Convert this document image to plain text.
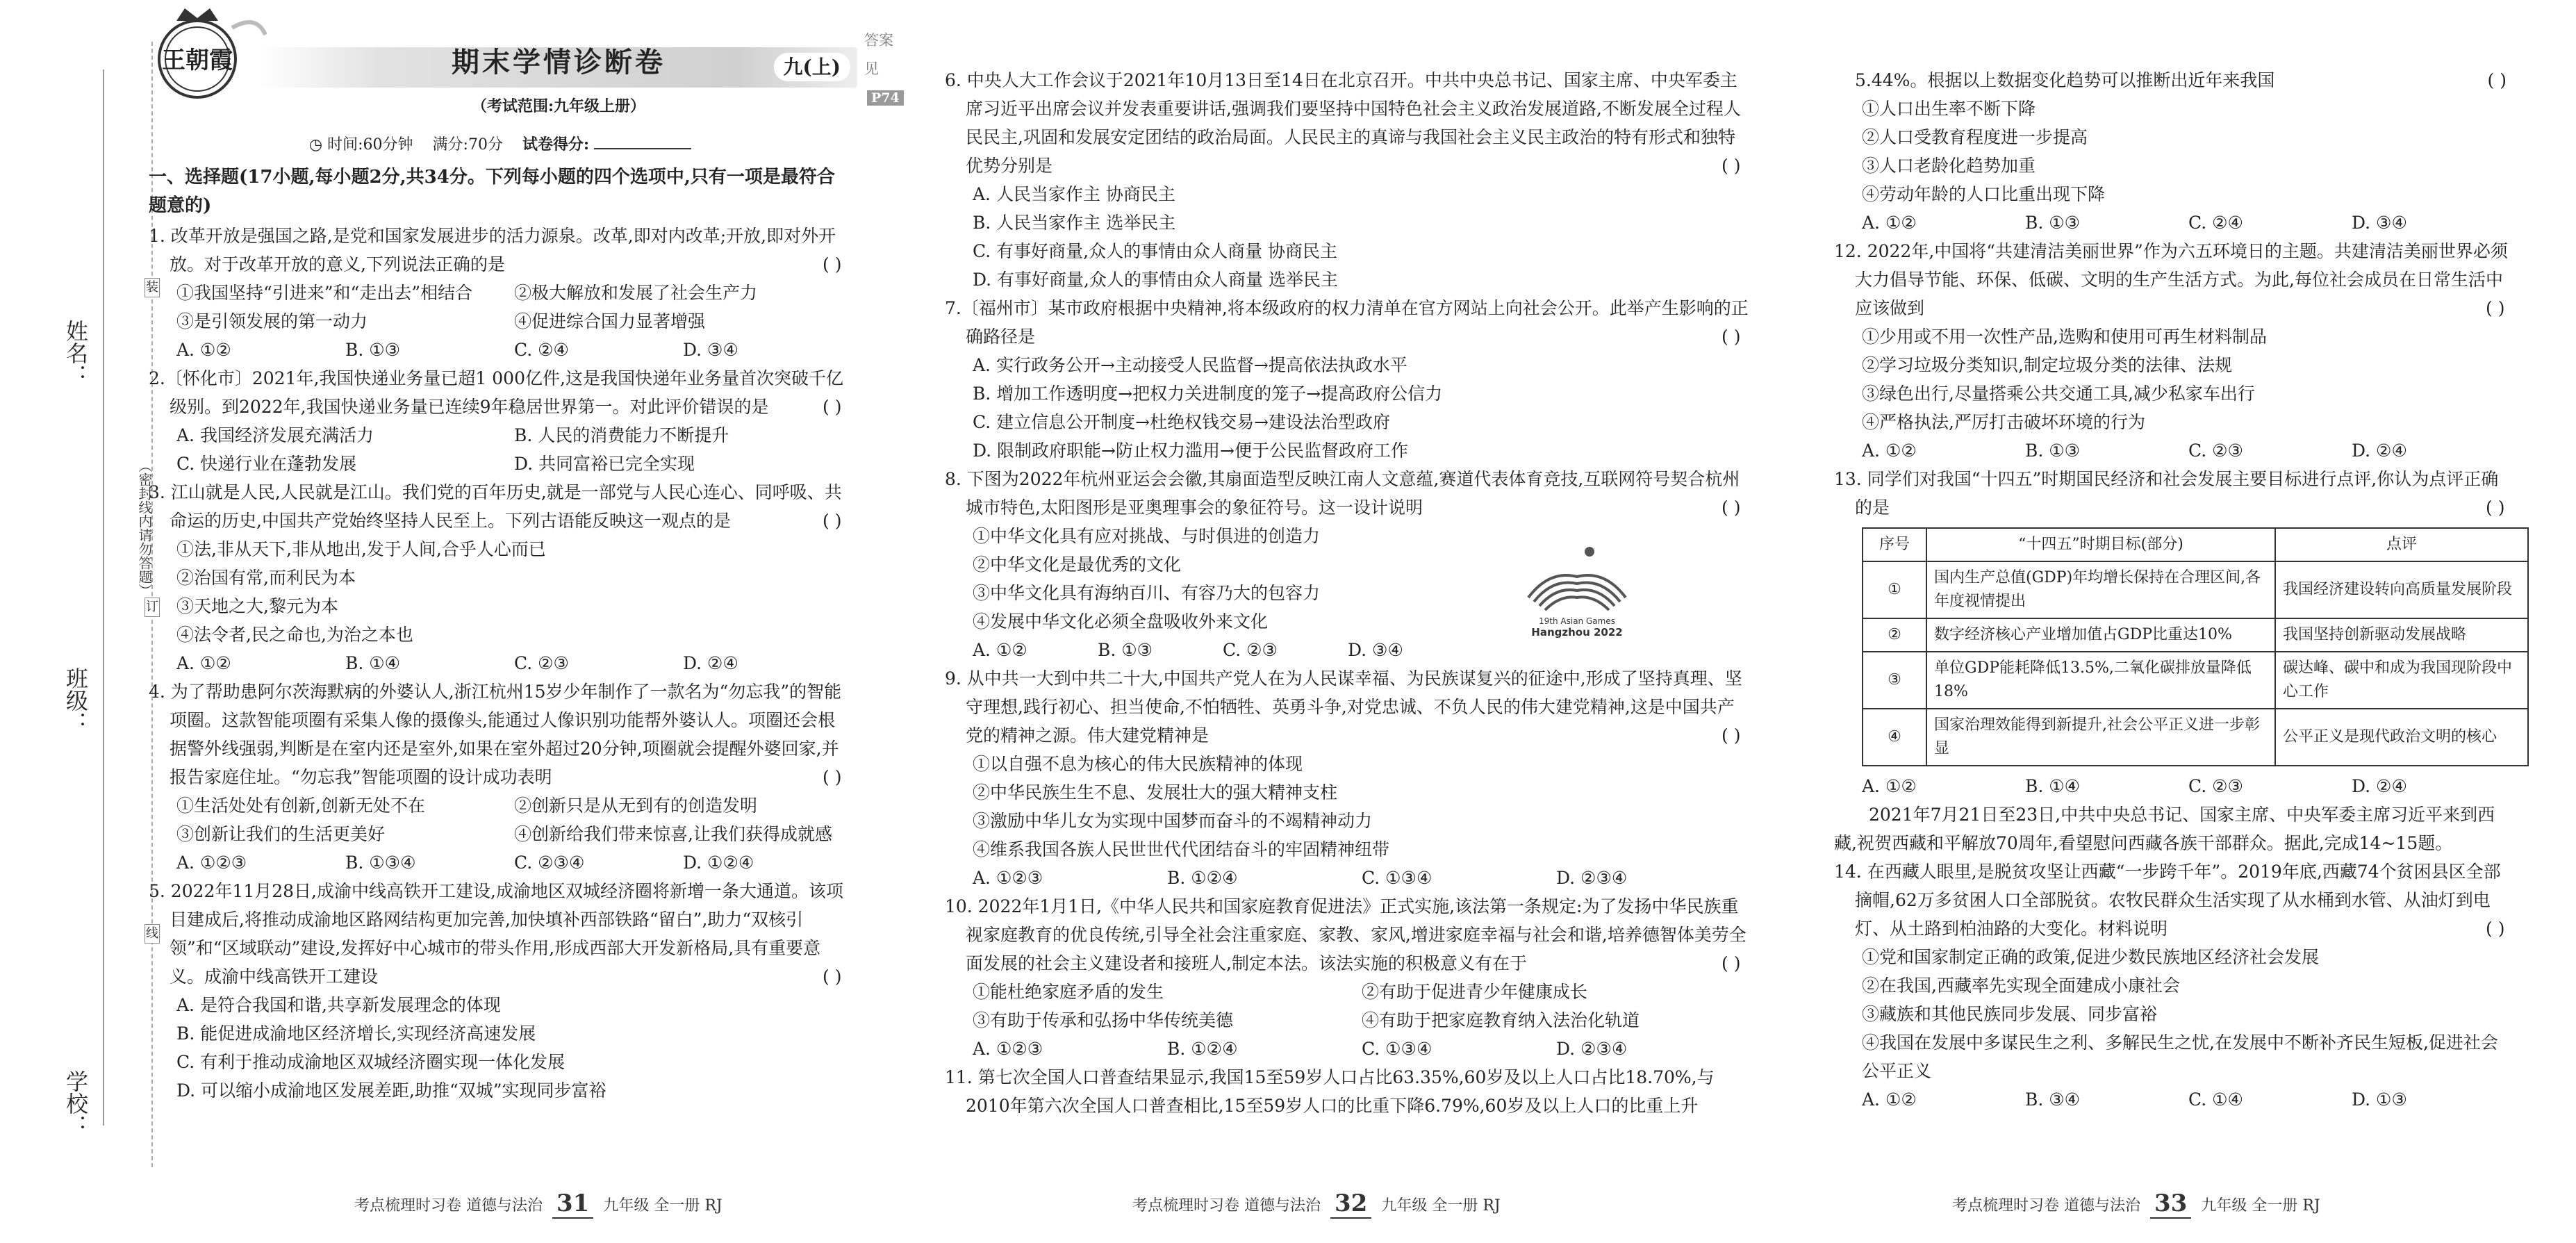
姓名：
班级：
学校：
（密封线内请勿答题）
装
订
线
王朝霞
答案见P74
期末学情诊断卷	九(上)
（考试范围:九年级上册）
◷ 时间:60分钟 满分:70分 试卷得分:
一、选择题(17小题,每小题2分,共34分。下列每小题的四个选项中,只有一项是最符合题意的)

1. 改革开放是强国之路,是党和国家发展进步的活力源泉。改革,即对内改革;开放,即对外开放。对于改革开放的意义,下列说法正确的是	( )

①我国坚持“引进来”和“走出去”相结合	②极大解放和发展了社会生产力
③是引领发展的第一动力	④促进综合国力显著增强
A. ①②	B. ①③	C. ②④	D. ③④

2.〔怀化市〕2021年,我国快递业务量已超1 000亿件,这是我国快递年业务量首次突破千亿级别。到2022年,我国快递业务量已连续9年稳居世界第一。对此评价错误的是	( )

A. 我国经济发展充满活力	B. 人民的消费能力不断提升
C. 快递行业在蓬勃发展	D. 共同富裕已完全实现

3. 江山就是人民,人民就是江山。我们党的百年历史,就是一部党与人民心连心、同呼吸、共命运的历史,中国共产党始终坚持人民至上。下列古语能反映这一观点的是	( )

①法,非从天下,非从地出,发于人间,合乎人心而已

②治国有常,而利民为本

③天地之大,黎元为本

④法令者,民之命也,为治之本也

A. ①②	B. ①④	C. ②③	D. ②④

4. 为了帮助患阿尔茨海默病的外婆认人,浙江杭州15岁少年制作了一款名为“勿忘我”的智能项圈。这款智能项圈有采集人像的摄像头,能通过人像识别功能帮外婆认人。项圈还会根据警外线强弱,判断是在室内还是室外,如果在室外超过20分钟,项圈就会提醒外婆回家,并报告家庭住址。“勿忘我”智能项圈的设计成功表明	( )

①生活处处有创新,创新无处不在	②创新只是从无到有的创造发明
③创新让我们的生活更美好	④创新给我们带来惊喜,让我们获得成就感
A. ①②③	B. ①③④	C. ②③④	D. ①②④

5. 2022年11月28日,成渝中线高铁开工建设,成渝地区双城经济圈将新增一条大通道。该项目建成后,将推动成渝地区路网结构更加完善,加快填补西部铁路“留白”,助力“双核引领”和“区域联动”建设,发挥好中心城市的带头作用,形成西部大开发新格局,具有重要意义。成渝中线高铁开工建设	( )

A. 是符合我国和谐,共享新发展理念的体现

B. 能促进成渝地区经济增长,实现经济高速发展

C. 有利于推动成渝地区双城经济圈实现一体化发展

D. 可以缩小成渝地区发展差距,助推“双城”实现同步富裕

6. 中央人大工作会议于2021年10月13日至14日在北京召开。中共中央总书记、国家主席、中央军委主席习近平出席会议并发表重要讲话,强调我们要坚持中国特色社会主义政治发展道路,不断发展全过程人民民主,巩固和发展安定团结的政治局面。人民民主的真谛与我国社会主义民主政治的特有形式和独特优势分别是	( )

A. 人民当家作主 协商民主

B. 人民当家作主 选举民主

C. 有事好商量,众人的事情由众人商量 协商民主

D. 有事好商量,众人的事情由众人商量 选举民主

7.〔福州市〕某市政府根据中央精神,将本级政府的权力清单在官方网站上向社会公开。此举产生影响的正确路径是	( )

A. 实行政务公开→主动接受人民监督→提高依法执政水平

B. 增加工作透明度→把权力关进制度的笼子→提高政府公信力

C. 建立信息公开制度→杜绝权钱交易→建设法治型政府

D. 限制政府职能→防止权力滥用→便于公民监督政府工作

8. 下图为2022年杭州亚运会会徽,其扇面造型反映江南人文意蕴,赛道代表体育竞技,互联网符号契合杭州城市特色,太阳图形是亚奥理事会的象征符号。这一设计说明	( )

①中华文化具有应对挑战、与时俱进的创造力

②中华文化是最优秀的文化

③中华文化具有海纳百川、有容乃大的包容力

④发展中华文化必须全盘吸收外来文化

A. ①②	B. ①③	C. ②③	D. ③④

9. 从中共一大到中共二十大,中国共产党人在为人民谋幸福、为民族谋复兴的征途中,形成了坚持真理、坚守理想,践行初心、担当使命,不怕牺牲、英勇斗争,对党忠诚、不负人民的伟大建党精神,这是中国共产党的精神之源。伟大建党精神是	( )

①以自强不息为核心的伟大民族精神的体现

②中华民族生生不息、发展壮大的强大精神支柱

③激励中华儿女为实现中国梦而奋斗的不竭精神动力

④维系我国各族人民世世代代团结奋斗的牢固精神纽带

A. ①②③	B. ①②④	C. ①③④	D. ②③④

10. 2022年1月1日,《中华人民共和国家庭教育促进法》正式实施,该法第一条规定:为了发扬中华民族重视家庭教育的优良传统,引导全社会注重家庭、家教、家风,增进家庭幸福与社会和谐,培养德智体美劳全面发展的社会主义建设者和接班人,制定本法。该法实施的积极意义有在于	( )

①能杜绝家庭矛盾的发生	②有助于促进青少年健康成长
③有助于传承和弘扬中华传统美德	④有助于把家庭教育纳入法治化轨道
A. ①②③	B. ①②④	C. ①③④	D. ②③④

11. 第七次全国人口普查结果显示,我国15至59岁人口占比63.35%,60岁及以上人口占比18.70%,与2010年第六次全国人口普查相比,15至59岁人口的比重下降6.79%,60岁及以上人口的比重上升

19th Asian Games
Hangzhou 2022

5.44%。根据以上数据变化趋势可以推断出近年来我国	( )

①人口出生率不断下降

②人口受教育程度进一步提高

③人口老龄化趋势加重

④劳动年龄的人口比重出现下降

A. ①②	B. ①③	C. ②④	D. ③④

12. 2022年,中国将“共建清洁美丽世界”作为六五环境日的主题。共建清洁美丽世界必须大力倡导节能、环保、低碳、文明的生产生活方式。为此,每位社会成员在日常生活中应该做到	( )

①少用或不用一次性产品,选购和使用可再生材料制品

②学习垃圾分类知识,制定垃圾分类的法律、法规

③绿色出行,尽量搭乘公共交通工具,减少私家车出行

④严格执法,严厉打击破坏环境的行为

A. ①②	B. ①③	C. ②③	D. ②④

13. 同学们对我国“十四五”时期国民经济和社会发展主要目标进行点评,你认为点评正确的是	( )

序号	“十四五”时期目标(部分)	点评
①	国内生产总值(GDP)年均增长保持在合理区间,各年度视情提出	我国经济建设转向高质量发展阶段
②	数字经济核心产业增加值占GDP比重达10%	我国坚持创新驱动发展战略
③	单位GDP能耗降低13.5%,二氧化碳排放量降低18%	碳达峰、碳中和成为我国现阶段中心工作
④	国家治理效能得到新提升,社会公平正义进一步彰显	公平正义是现代政治文明的核心
A. ①②	B. ①④	C. ②③	D. ②④

2021年7月21日至23日,中共中央总书记、国家主席、中央军委主席习近平来到西藏,祝贺西藏和平解放70周年,看望慰问西藏各族干部群众。据此,完成14~15题。

14. 在西藏人眼里,是脱贫攻坚让西藏“一步跨千年”。2019年底,西藏74个贫困县区全部摘帽,62万多贫困人口全部脱贫。农牧民群众生活实现了从水桶到水管、从油灯到电灯、从土路到柏油路的大变化。材料说明	( )

①党和国家制定正确的政策,促进少数民族地区经济社会发展

②在我国,西藏率先实现全面建成小康社会

③藏族和其他民族同步发展、同步富裕

④我国在发展中多谋民生之利、多解民生之忧,在发展中不断补齐民生短板,促进社会公平正义

A. ①②	B. ③④	C. ①④	D. ①③
考点梳理时习卷 道德与法治 31 九年级 全一册 RJ	考点梳理时习卷 道德与法治 32 九年级 全一册 RJ	考点梳理时习卷 道德与法治 33 九年级 全一册 RJ
